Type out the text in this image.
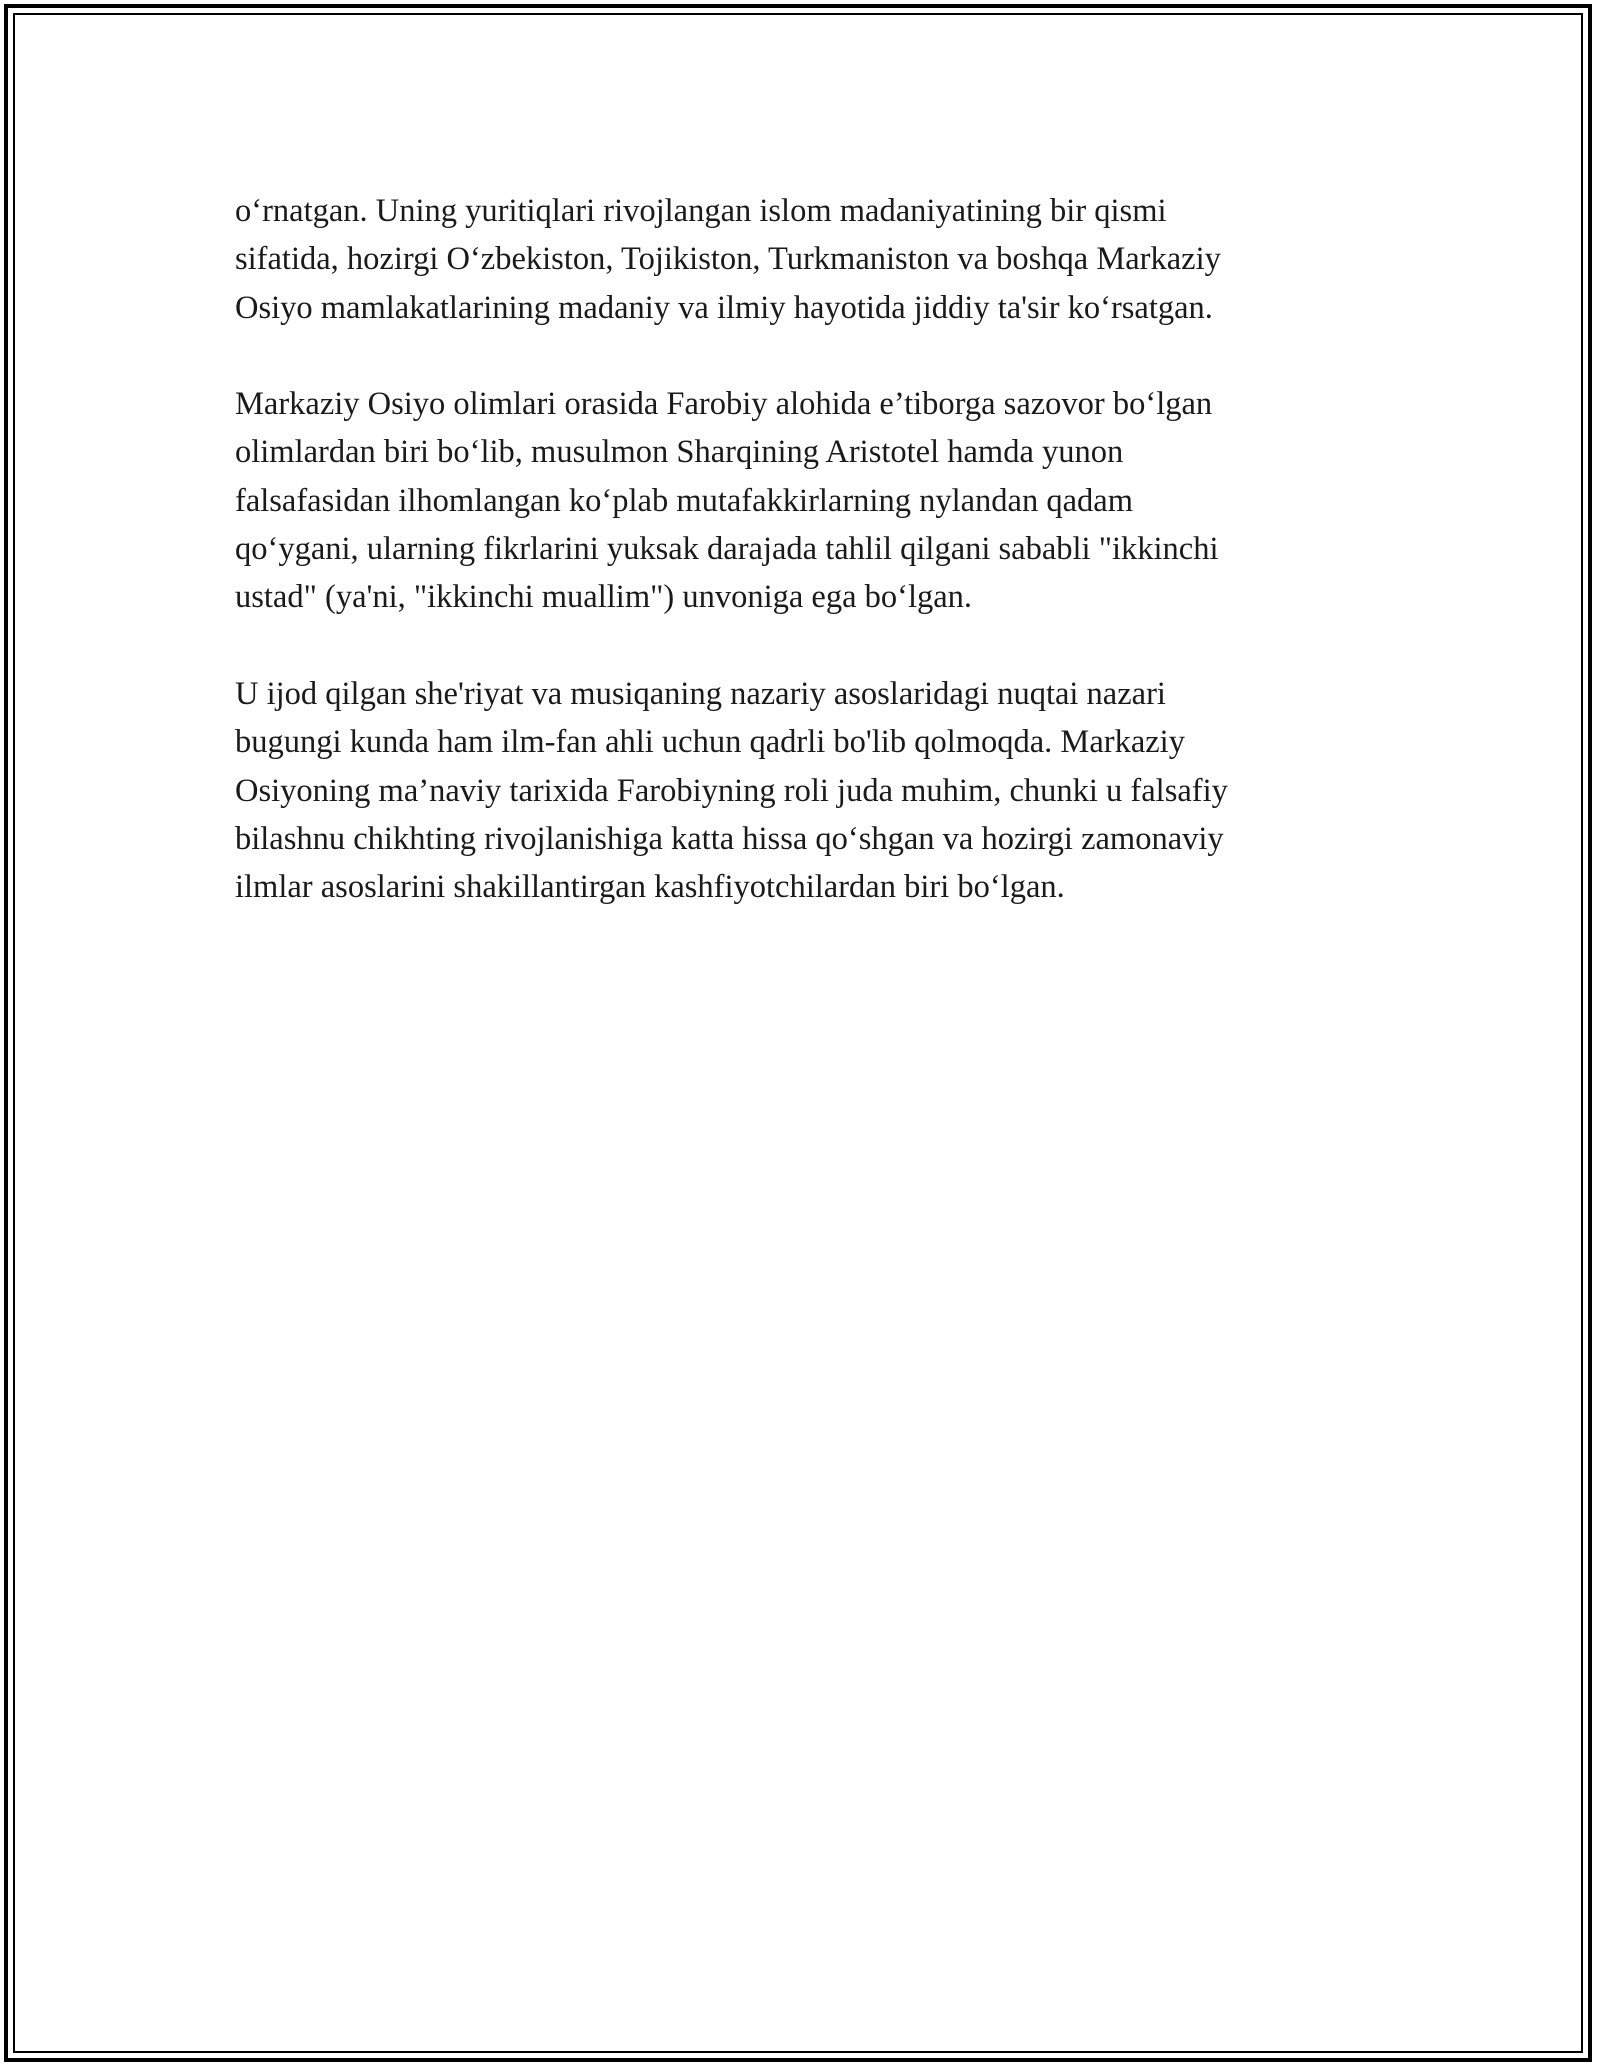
o‘rnatgan. Uning yuritiqlari rivojlangan islom madaniyatining bir qismi
sifatida, hozirgi O‘zbekiston, Tojikiston, Turkmaniston va boshqa Markaziy
Osiyo mamlakatlarining madaniy va ilmiy hayotida jiddiy ta'sir ko‘rsatgan.

Markaziy Osiyo olimlari orasida Farobiy alohida e’tiborga sazovor bo‘lgan
olimlardan biri bo‘lib, musulmon Sharqining Aristotel hamda yunon
falsafasidan ilhomlangan ko‘plab mutafakkirlarning nylandan qadam
qo‘ygani, ularning fikrlarini yuksak darajada tahlil qilgani sababli "ikkinchi
ustad" (ya'ni, "ikkinchi muallim") unvoniga ega bo‘lgan.

U ijod qilgan she'riyat va musiqaning nazariy asoslaridagi nuqtai nazari
bugungi kunda ham ilm-fan ahli uchun qadrli bo'lib qolmoqda. Markaziy
Osiyoning ma’naviy tarixida Farobiyning roli juda muhim, chunki u falsafiy
bilashnu chikhting rivojlanishiga katta hissa qo‘shgan va hozirgi zamonaviy
ilmlar asoslarini shakillantirgan kashfiyotchilardan biri bo‘lgan.
